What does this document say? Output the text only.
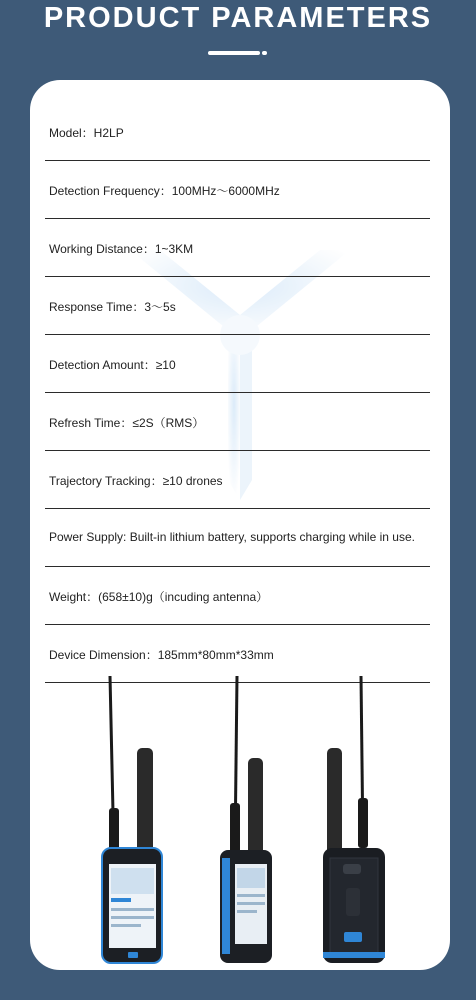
PRODUCT PARAMETERS
Model：H2LP
Detection Frequency：100MHz～6000MHz
Working Distance：1~3KM
Response Time：3～5s
Detection Amount：≥10
Refresh Time：≤2S（RMS）
Trajectory Tracking：≥10 drones
Power Supply: Built-in lithium battery, supports charging while in use.
Weight：(658±10)g（incuding antenna）
Device Dimension：185mm*80mm*33mm
